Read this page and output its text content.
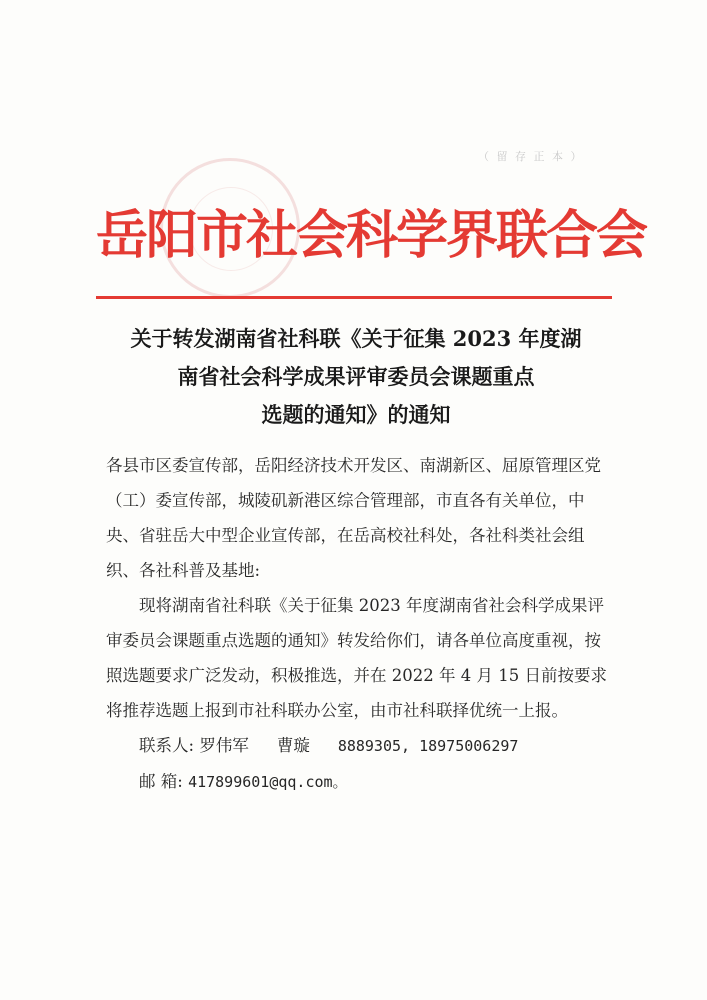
（ 留 存 正 本 ）
岳阳市社会科学界联合会
关于转发湖南省社科联《关于征集 2023 年度湖
南省社会科学成果评审委员会课题重点
选题的通知》的通知

各县市区委宣传部，岳阳经济技术开发区、南湖新区、屈原管理区党（工）委宣传部，城陵矶新港区综合管理部，市直各有关单位，中央、省驻岳大中型企业宣传部，在岳高校社科处，各社科类社会组织、各社科普及基地:

现将湖南省社科联《关于征集 2023 年度湖南省社会科学成果评审委员会课题重点选题的通知》转发给你们，请各单位高度重视，按照选题要求广泛发动，积极推选，并在 2022 年 4 月 15 日前按要求将推荐选题上报到市社科联办公室，由市社科联择优统一上报。

联系人: 罗伟军 曹璇 8889305, 18975006297

邮 箱: 417899601@qq.com。
